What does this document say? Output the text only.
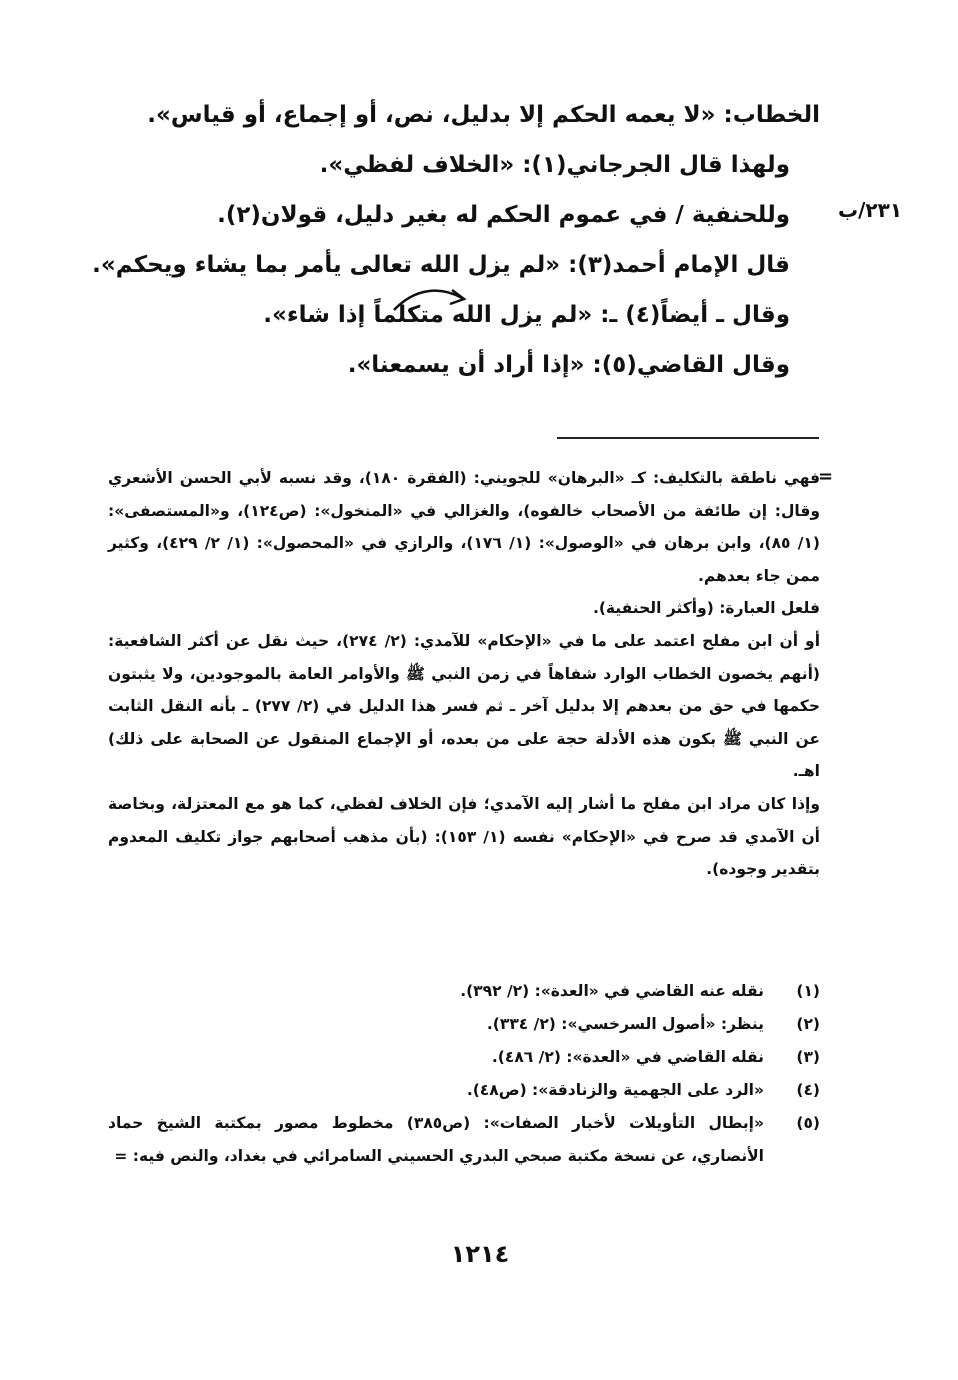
الخطاب: «لا يعمه الحكم إلا بدليل، نص، أو إجماع، أو قياس».
ولهذا قال الجرجاني(١): «الخلاف لفظي».
وللحنفية / في عموم الحكم له بغير دليل، قولان(٢).
قال الإمام أحمد(٣): «لم يزل الله تعالى يأمر بما يشاء ويحكم».
وقال ـ أيضاً(٤) ـ: «لم يزل الله متكلماً إذا شاء».
وقال القاضي(٥): «إذا أراد أن يسمعنا».
٢٣١/ب
=

فهي ناطقة بالتكليف: كـ «البرهان» للجويني: (الفقرة ١٨٠)، وقد نسبه لأبي الحسن الأشعري وقال: إن طائفة من الأصحاب خالفوه)، والغزالي في «المنخول»: (ص١٢٤)، و«المستصفى»: (١/ ٨٥)، وابن برهان في «الوصول»: (١/ ١٧٦)، والرازي في «المحصول»: (١/ ٢/ ٤٢٩)، وكثير ممن جاء بعدهم.

فلعل العبارة: (وأكثر الحنفية).

أو أن ابن مفلح اعتمد على ما في «الإحكام» للآمدي: (٢/ ٢٧٤)، حيث نقل عن أكثر الشافعية: (أنهم يخصون الخطاب الوارد شفاهاً في زمن النبي ﷺ والأوامر العامة بالموجودين، ولا يثبتون حكمها في حق من بعدهم إلا بدليل آخر ـ ثم فسر هذا الدليل في (٢/ ٢٧٧) ـ بأنه النقل الثابت عن النبي ﷺ بكون هذه الأدلة حجة على من بعده، أو الإجماع المنقول عن الصحابة على ذلك) اهـ.

وإذا كان مراد ابن مفلح ما أشار إليه الآمدي؛ فإن الخلاف لفظي، كما هو مع المعتزلة، وبخاصة أن الآمدي قد صرح في «الإحكام» نفسه (١/ ١٥٣): (بأن مذهب أصحابهم جواز تكليف المعدوم بتقدير وجوده).

(١)
نقله عنه القاضي في «العدة»: (٢/ ٣٩٢).
(٢)
ينظر: «أصول السرخسي»: (٢/ ٣٣٤).
(٣)
نقله القاضي في «العدة»: (٢/ ٤٨٦).
(٤)
«الرد على الجهمية والزنادقة»: (ص٤٨).
(٥)
«إبطال التأويلات لأخبار الصفات»: (ص٣٨٥) مخطوط مصور بمكتبة الشيخ حماد الأنصاري، عن نسخة مكتبة صبحي البدري الحسيني السامرائي في بغداد، والنص فيه: =
١٢١٤
